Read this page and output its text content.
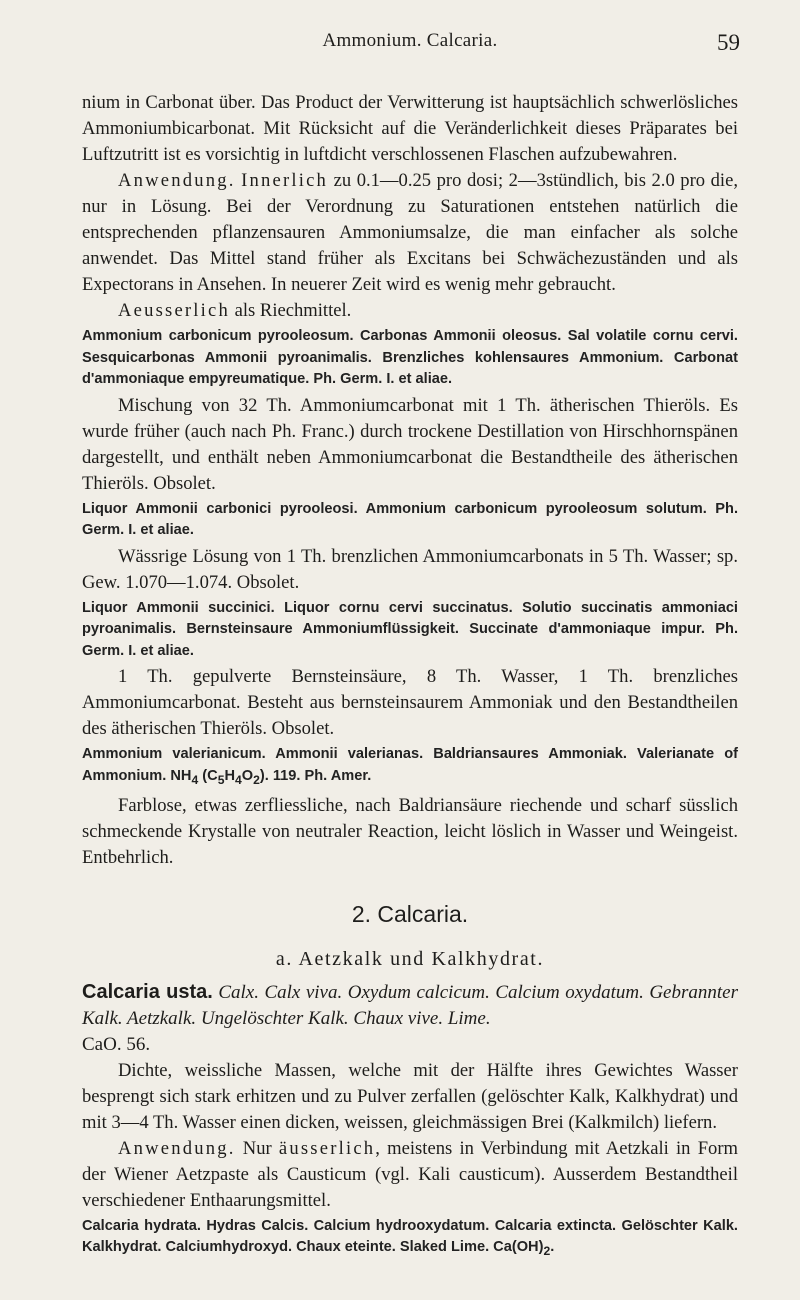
Ammonium. Calcaria.	59

nium in Carbonat über. Das Product der Verwitterung ist hauptsächlich schwerlösliches Ammoniumbicarbonat. Mit Rücksicht auf die Veränderlichkeit dieses Präparates bei Luftzutritt ist es vorsichtig in luftdicht verschlossenen Flaschen aufzubewahren.

Anwendung. Innerlich zu 0.1—0.25 pro dosi; 2—3stündlich, bis 2.0 pro die, nur in Lösung. Bei der Verordnung zu Saturationen entstehen natürlich die entsprechenden pflanzensauren Ammoniumsalze, die man einfacher als solche anwendet. Das Mittel stand früher als Excitans bei Schwächezuständen und als Expectorans in Ansehen. In neuerer Zeit wird es wenig mehr gebraucht.

Aeusserlich als Riechmittel.

Ammonium carbonicum pyrooleosum. Carbonas Ammonii oleosus. Sal volatile cornu cervi. Sesquicarbonas Ammonii pyroanimalis. Brenzliches kohlensaures Ammonium. Carbonat d'ammoniaque empyreumatique. Ph. Germ. I. et aliae.

Mischung von 32 Th. Ammoniumcarbonat mit 1 Th. ätherischen Thieröls. Es wurde früher (auch nach Ph. Franc.) durch trockene Destillation von Hirschhornspänen dargestellt, und enthält neben Ammoniumcarbonat die Bestandtheile des ätherischen Thieröls. Obsolet.

Liquor Ammonii carbonici pyrooleosi. Ammonium carbonicum pyrooleosum solutum. Ph. Germ. I. et aliae.

Wässrige Lösung von 1 Th. brenzlichen Ammoniumcarbonats in 5 Th. Wasser; sp. Gew. 1.070—1.074. Obsolet.

Liquor Ammonii succinici. Liquor cornu cervi succinatus. Solutio succinatis ammoniaci pyroanimalis. Bernsteinsaure Ammoniumflüssigkeit. Succinate d'ammoniaque impur. Ph. Germ. I. et aliae.

1 Th. gepulverte Bernsteinsäure, 8 Th. Wasser, 1 Th. brenzliches Ammoniumcarbonat. Besteht aus bernsteinsaurem Ammoniak und den Bestandtheilen des ätherischen Thieröls. Obsolet.

Ammonium valerianicum. Ammonii valerianas. Baldriansaures Ammoniak. Valerianate of Ammonium. $NH_4$ $(C_5H_4O_2)$. 119. Ph. Amer.

Farblose, etwas zerfliessliche, nach Baldriansäure riechende und scharf süsslich schmeckende Krystalle von neutraler Reaction, leicht löslich in Wasser und Weingeist. Entbehrlich.

2. Calcaria.
a. Aetzkalk und Kalkhydrat.

Calcaria usta. Calx. Calx viva. Oxydum calcicum. Calcium oxydatum. Gebrannter Kalk. Aetzkalk. Ungelöschter Kalk. Chaux vive. Lime.
CaO. 56.

Dichte, weissliche Massen, welche mit der Hälfte ihres Gewichtes Wasser besprengt sich stark erhitzen und zu Pulver zerfallen (gelöschter Kalk, Kalkhydrat) und mit 3—4 Th. Wasser einen dicken, weissen, gleichmässigen Brei (Kalkmilch) liefern.

Anwendung. Nur äusserlich, meistens in Verbindung mit Aetzkali in Form der Wiener Aetzpaste als Causticum (vgl. Kali causticum). Ausserdem Bestandtheil verschiedener Enthaarungsmittel.

Calcaria hydrata. Hydras Calcis. Calcium hydrooxydatum. Calcaria extincta. Gelöschter Kalk. Kalkhydrat. Calciumhydroxyd. Chaux eteinte. Slaked Lime. $Ca(OH)_2$.
